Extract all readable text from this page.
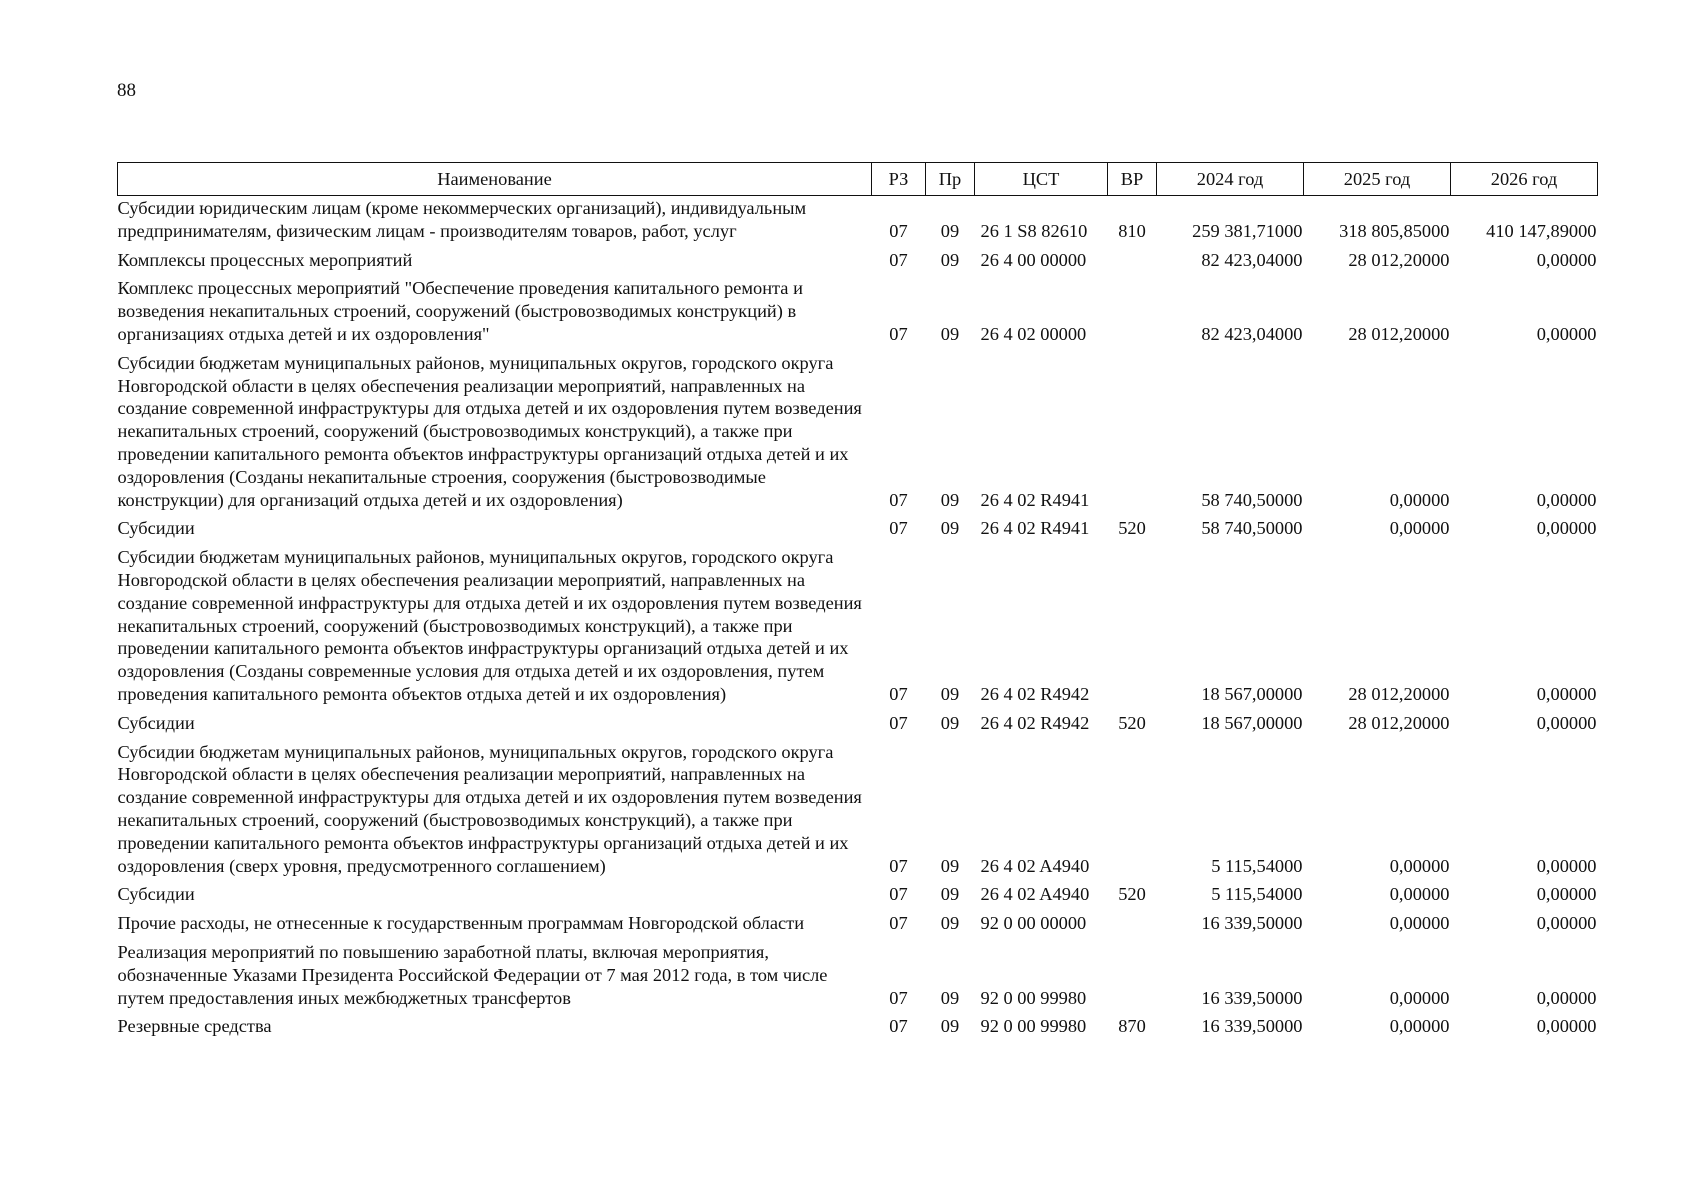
88
Наименование	РЗ	Пр	ЦСТ	ВР	2024 год	2025 год	2026 год
Субсидии юридическим лицам (кроме некоммерческих организаций), индивидуальным предпринимателям, физическим лицам - производителям товаров, работ, услуг	07	09	26 1 S8 82610	810	259 381,71000	318 805,85000	410 147,89000
Комплексы процессных мероприятий	07	09	26 4 00 00000		82 423,04000	28 012,20000	0,00000
Комплекс процессных мероприятий "Обеспечение проведения капитального ремонта и возведения некапитальных строений, сооружений (быстровозводимых конструкций) в организациях отдыха детей и их оздоровления"	07	09	26 4 02 00000		82 423,04000	28 012,20000	0,00000
Субсидии бюджетам муниципальных районов, муниципальных округов, городского округа Новгородской области в целях обеспечения реализации мероприятий, направленных на создание современной инфраструктуры для отдыха детей и их оздоровления путем возведения некапитальных строений, сооружений (быстровозводимых конструкций), а также при проведении капитального ремонта объектов инфраструктуры организаций отдыха детей и их оздоровления (Созданы некапитальные строения, сооружения (быстровозводимые конструкции) для организаций отдыха детей и их оздоровления)	07	09	26 4 02 R4941		58 740,50000	0,00000	0,00000
Субсидии	07	09	26 4 02 R4941	520	58 740,50000	0,00000	0,00000
Субсидии бюджетам муниципальных районов, муниципальных округов, городского округа Новгородской области в целях обеспечения реализации мероприятий, направленных на создание современной инфраструктуры для отдыха детей и их оздоровления путем возведения некапитальных строений, сооружений (быстровозводимых конструкций), а также при проведении капитального ремонта объектов инфраструктуры организаций отдыха детей и их оздоровления (Созданы современные условия для отдыха детей и их оздоровления, путем проведения капитального ремонта объектов отдыха детей и их оздоровления)	07	09	26 4 02 R4942		18 567,00000	28 012,20000	0,00000
Субсидии	07	09	26 4 02 R4942	520	18 567,00000	28 012,20000	0,00000
Субсидии бюджетам муниципальных районов, муниципальных округов, городского округа Новгородской области в целях обеспечения реализации мероприятий, направленных на создание современной инфраструктуры для отдыха детей и их оздоровления путем возведения некапитальных строений, сооружений (быстровозводимых конструкций), а также при проведении капитального ремонта объектов инфраструктуры организаций отдыха детей и их оздоровления (сверх уровня, предусмотренного соглашением)	07	09	26 4 02 A4940		5 115,54000	0,00000	0,00000
Субсидии	07	09	26 4 02 A4940	520	5 115,54000	0,00000	0,00000
Прочие расходы, не отнесенные к государственным программам Новгородской области	07	09	92 0 00 00000		16 339,50000	0,00000	0,00000
Реализация мероприятий по повышению заработной платы, включая мероприятия, обозначенные Указами Президента Российской Федерации от 7 мая 2012 года, в том числе путем предоставления иных межбюджетных трансфертов	07	09	92 0 00 99980		16 339,50000	0,00000	0,00000
Резервные средства	07	09	92 0 00 99980	870	16 339,50000	0,00000	0,00000
